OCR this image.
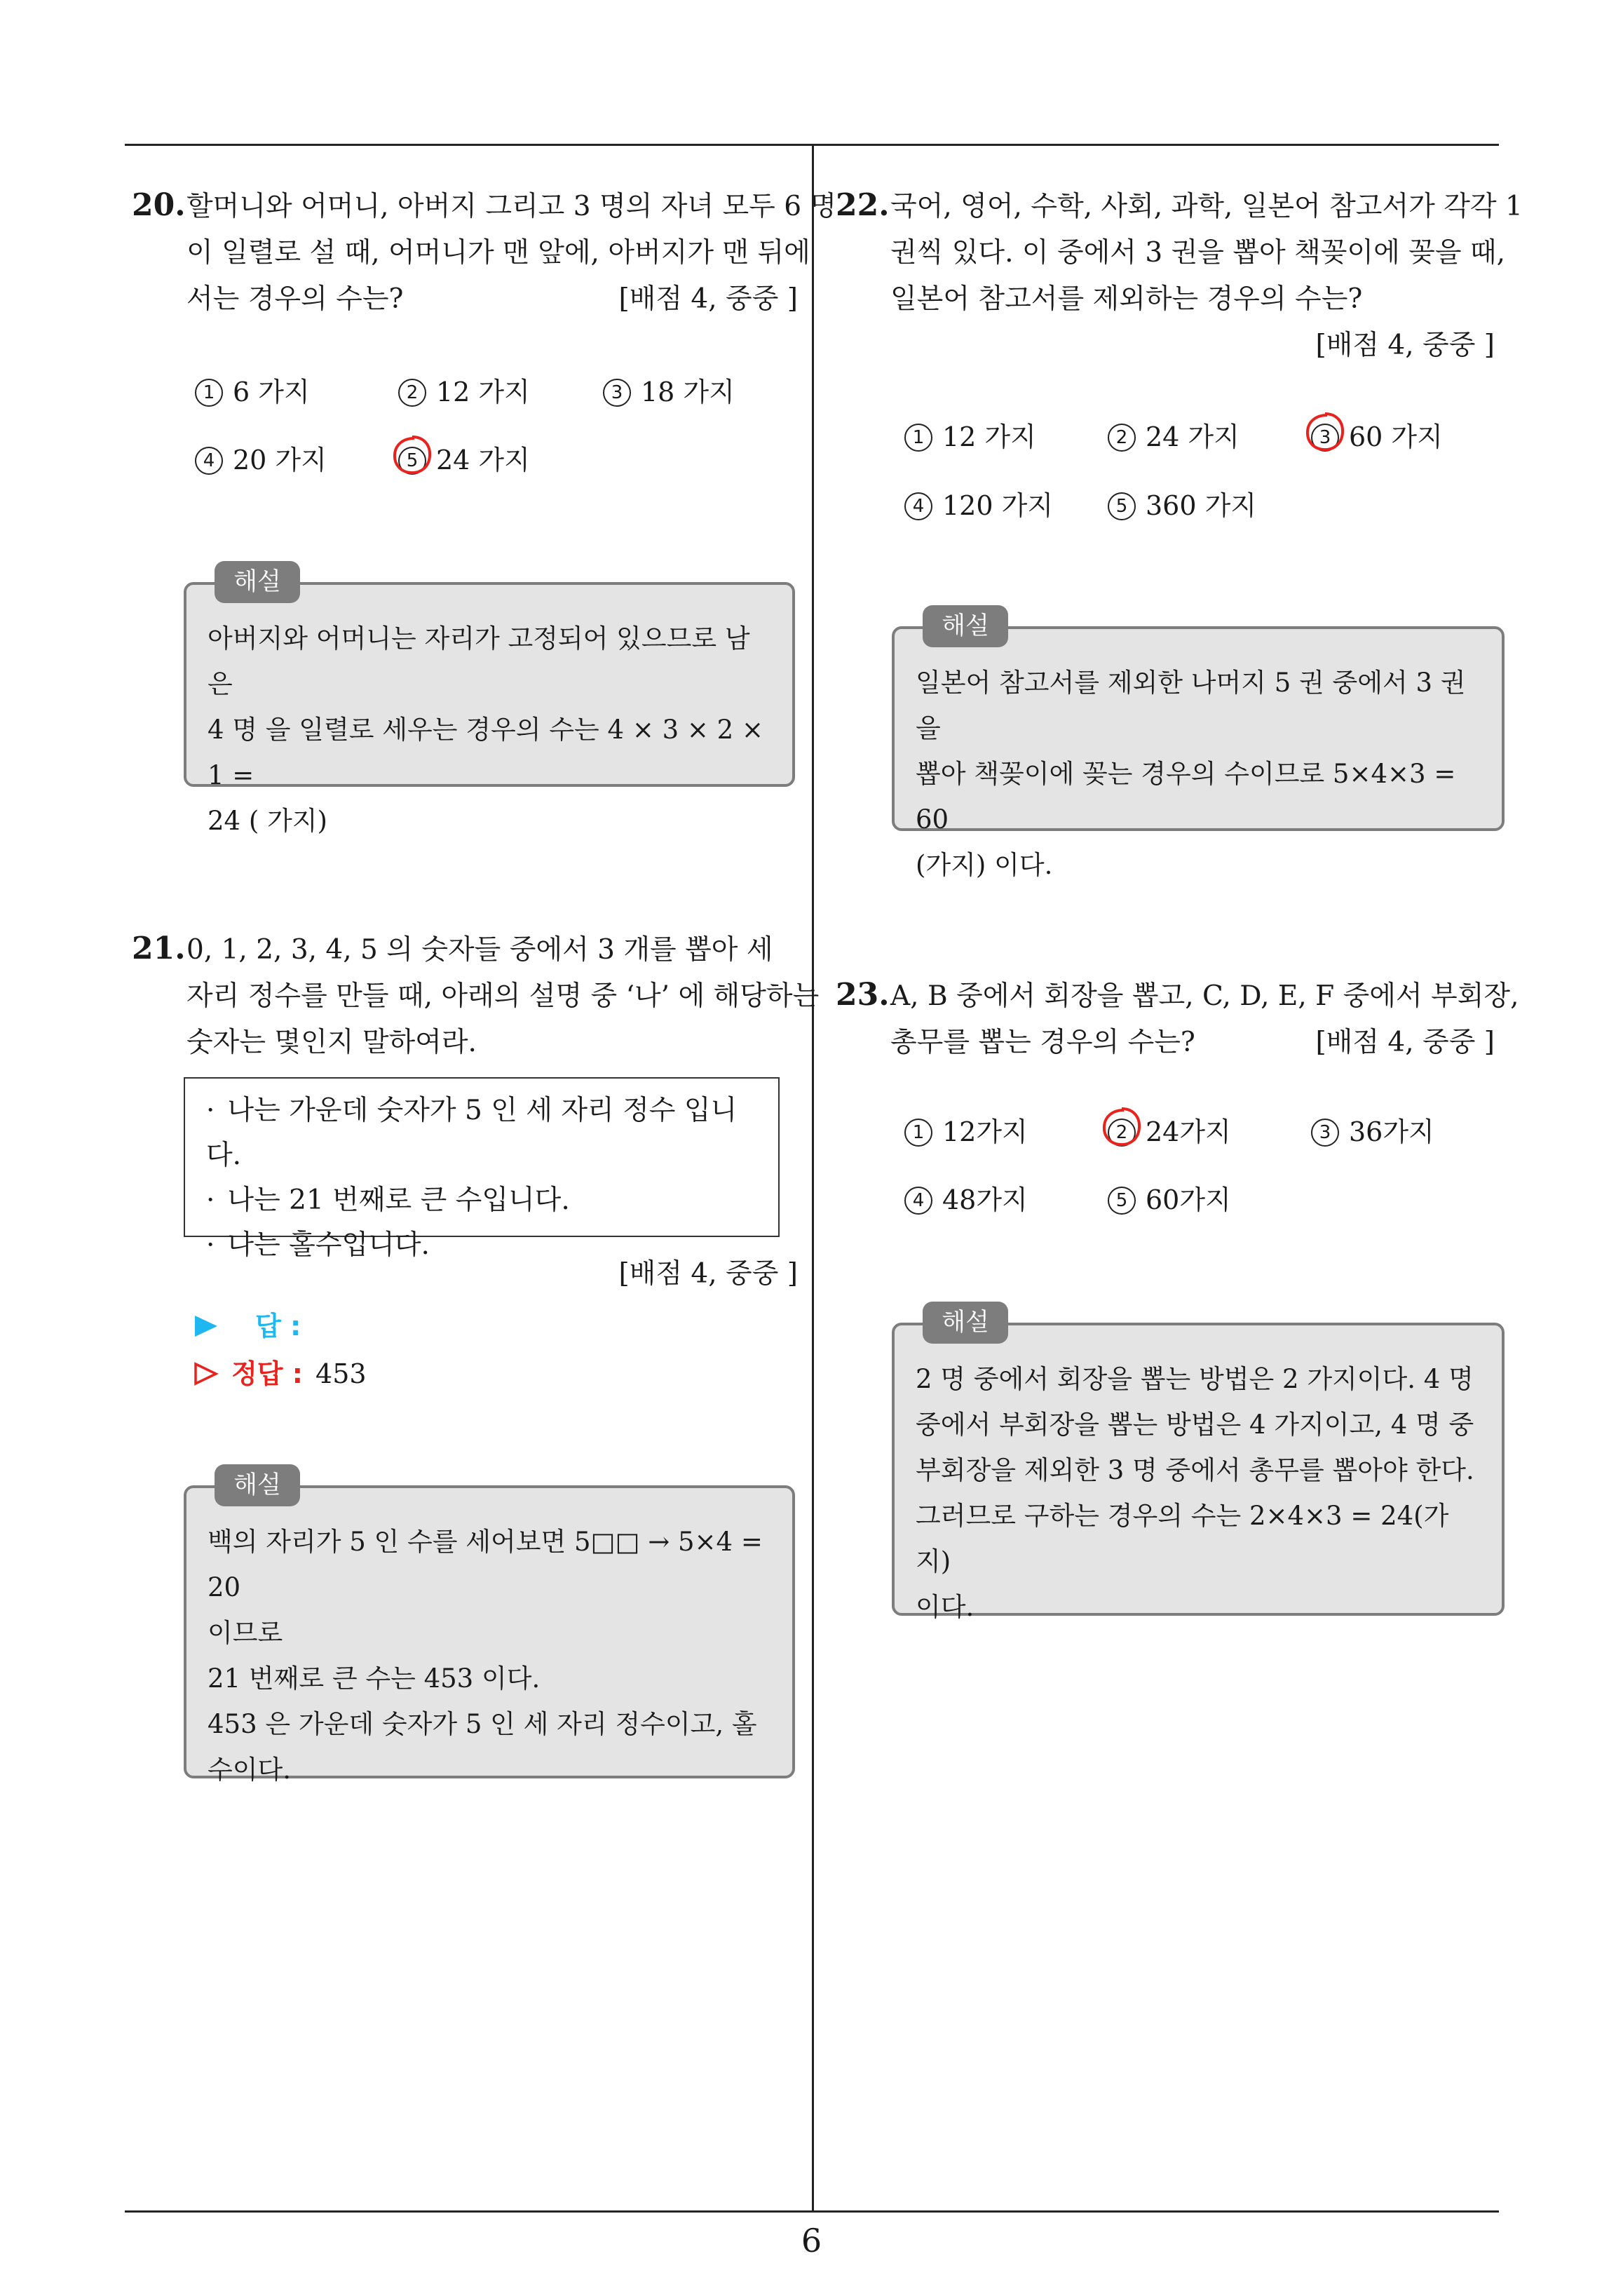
20.할머니와 어머니, 아버지 그리고 3 명의 자녀 모두 6 명
이 일렬로 설 때, 어머니가 맨 앞에, 아버지가 맨 뒤에
서는 경우의 수는?	[배점 4, 중중 ]
1 6 가지	2 12 가지	3 18 가지
4 20 가지	5 24 가지
해설
아버지와 어머니는 자리가 고정되어 있으므로 남은
4 명 을 일렬로 세우는 경우의 수는 4 × 3 × 2 × 1 =
24 ( 가지)
21.0, 1, 2, 3, 4, 5 의 숫자들 중에서 3 개를 뽑아 세
자리 정수를 만들 때, 아래의 설명 중 ‘나’ 에 해당하는
숫자는 몇인지 말하여라.
· 나는 가운데 숫자가 5 인 세 자리 정수 입니다.
· 나는 21 번째로 큰 수입니다.
· 나는 홀수입니다.
[배점 4, 중중 ]
답 :
정답 : 453
해설
백의 자리가 5 인 수를 세어보면 5□□ → 5×4 = 20
이므로
21 번째로 큰 수는 453 이다.
453 은 가운데 숫자가 5 인 세 자리 정수이고, 홀
수이다.
22.국어, 영어, 수학, 사회, 과학, 일본어 참고서가 각각 1
권씩 있다. 이 중에서 3 권을 뽑아 책꽂이에 꽂을 때,
일본어 참고서를 제외하는 경우의 수는?
[배점 4, 중중 ]
1 12 가지	2 24 가지	3 60 가지
4 120 가지	5 360 가지
해설
일본어 참고서를 제외한 나머지 5 권 중에서 3 권을
뽑아 책꽂이에 꽂는 경우의 수이므로 5×4×3 = 60
(가지) 이다.
23.A, B 중에서 회장을 뽑고, C, D, E, F 중에서 부회장,
총무를 뽑는 경우의 수는?	[배점 4, 중중 ]
1 12가지	2 24가지	3 36가지
4 48가지	5 60가지
해설
2 명 중에서 회장을 뽑는 방법은 2 가지이다. 4 명
중에서 부회장을 뽑는 방법은 4 가지이고, 4 명 중
부회장을 제외한 3 명 중에서 총무를 뽑아야 한다.
그러므로 구하는 경우의 수는 2×4×3 = 24(가지)
이다.
6
